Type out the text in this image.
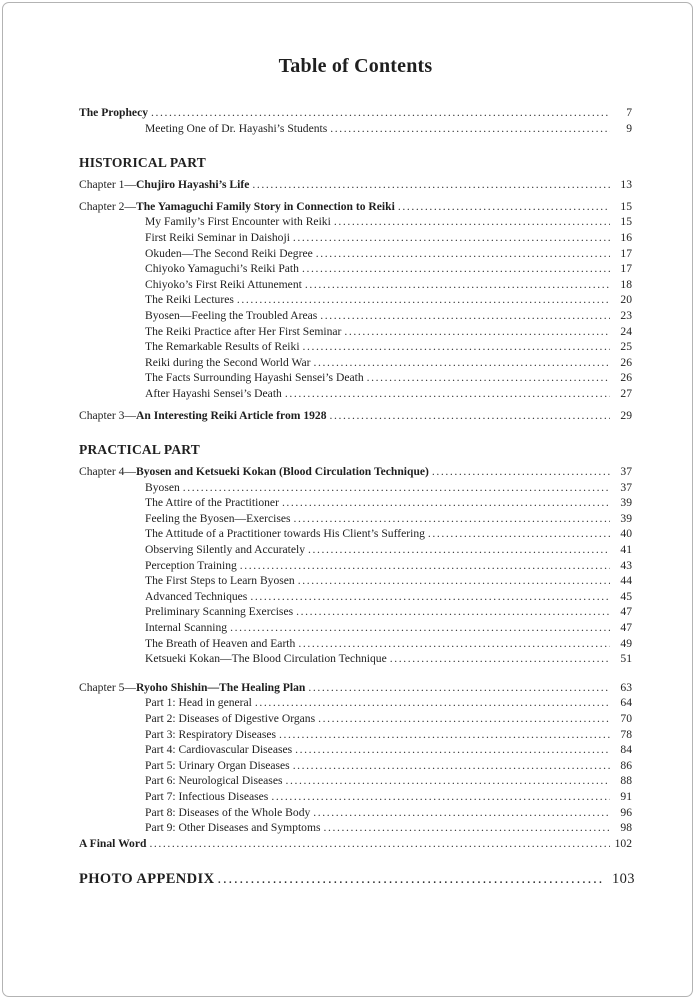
Table of Contents
The Prophecy .....	7
Meeting One of Dr. Hayashi’s Students .....	9
HISTORICAL PART
Chapter 1— Chujiro Hayashi’s Life .....	13
Chapter 2— The Yamaguchi Family Story in Connection to Reiki .....	15
My Family’s First Encounter with Reiki .....	15
First Reiki Seminar in Daishoji .....	16
Okuden—The Second Reiki Degree .....	17
Chiyoko Yamaguchi’s Reiki Path .....	17
Chiyoko’s First Reiki Attunement .....	18
The Reiki Lectures .....	20
Byosen—Feeling the Troubled Areas .....	23
The Reiki Practice after Her First Seminar .....	24
The Remarkable Results of Reiki .....	25
Reiki during the Second World War .....	26
The Facts Surrounding Hayashi Sensei’s Death .....	26
After Hayashi Sensei’s Death .....	27
Chapter 3— An Interesting Reiki Article from 1928 .....	29
PRACTICAL PART
Chapter 4— Byosen and Ketsueki Kokan (Blood Circulation Technique) .....	37
Byosen .....	37
The Attire of the Practitioner .....	39
Feeling the Byosen—Exercises .....	39
The Attitude of a Practitioner towards His Client’s Suffering .....	40
Observing Silently and Accurately .....	41
Perception Training .....	43
The First Steps to Learn Byosen .....	44
Advanced Techniques .....	45
Preliminary Scanning Exercises .....	47
Internal Scanning .....	47
The Breath of Heaven and Earth .....	49
Ketsueki Kokan—The Blood Circulation Technique .....	51
Chapter 5— Ryoho Shishin—The Healing Plan .....	63
Part 1: Head in general .....	64
Part 2: Diseases of Digestive Organs .....	70
Part 3: Respiratory Diseases .....	78
Part 4: Cardiovascular Diseases .....	84
Part 5: Urinary Organ Diseases .....	86
Part 6: Neurological Diseases .....	88
Part 7: Infectious Diseases .....	91
Part 8: Diseases of the Whole Body .....	96
Part 9: Other Diseases and Symptoms .....	98
A Final Word .....	102
PHOTO APPENDIX .....	103
